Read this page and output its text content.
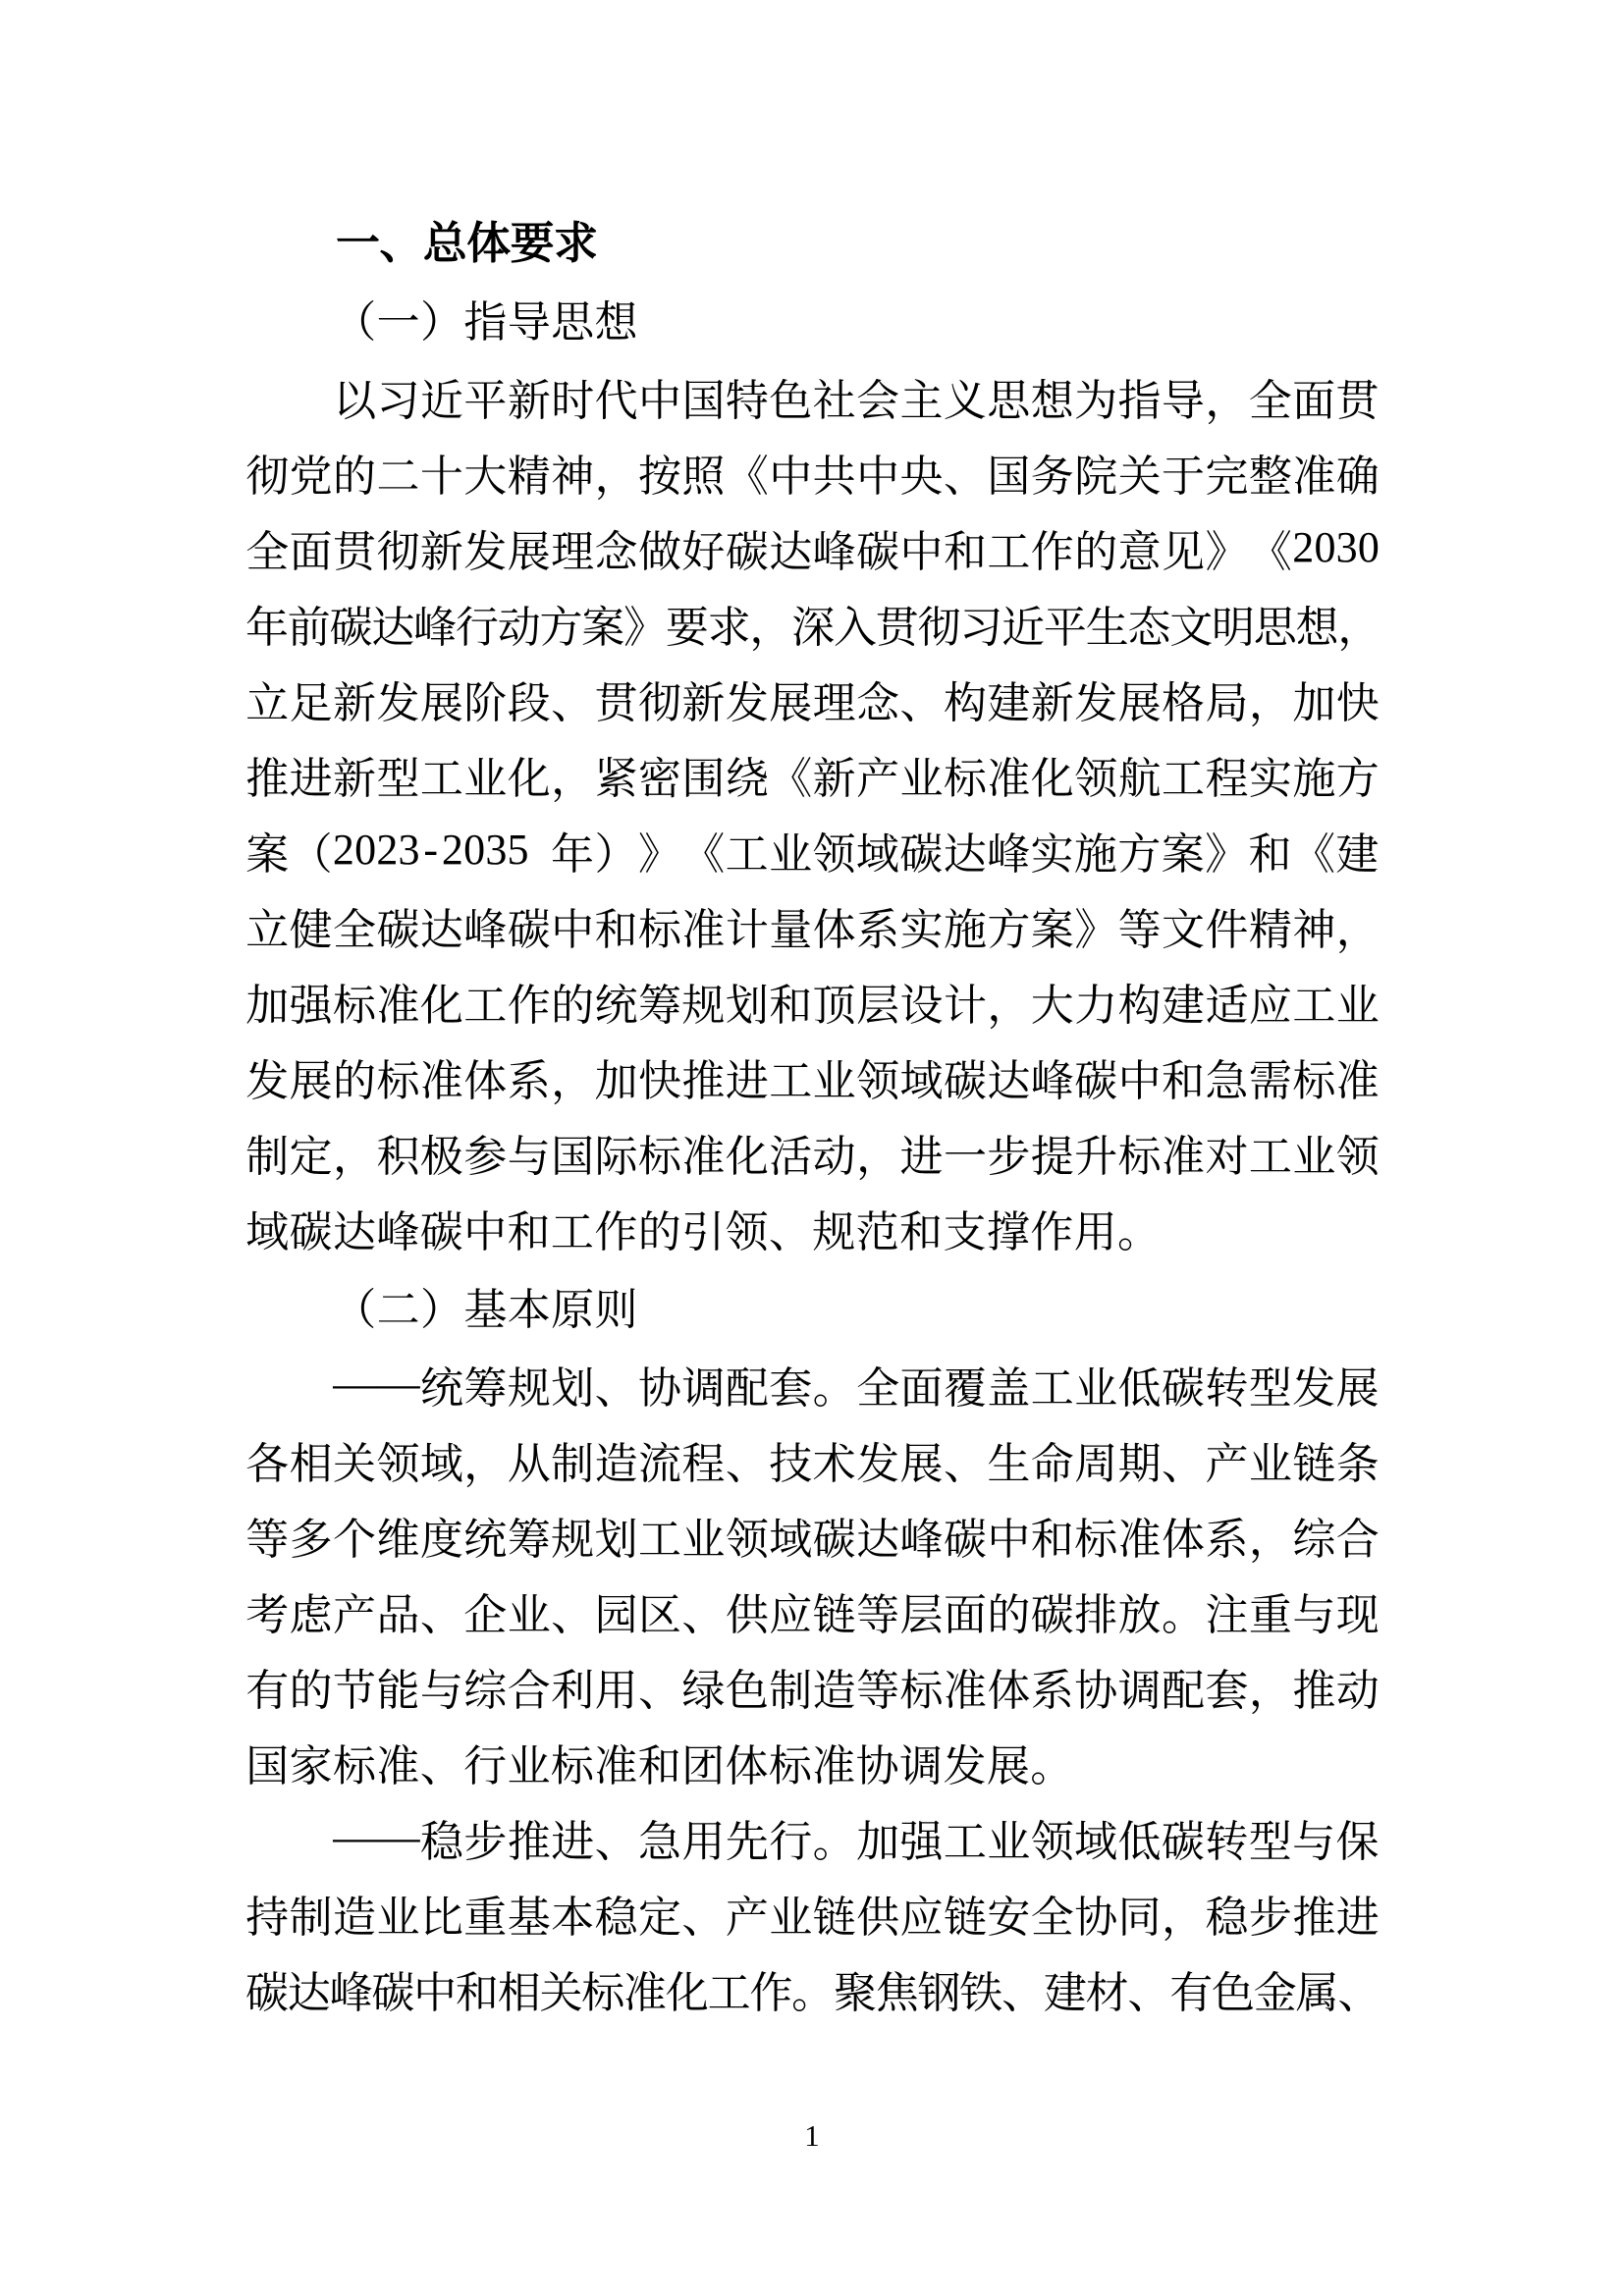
一 、 总 体 要 求
（ 一 ） 指 导 思 想
以 习 近 平 新 时 代 中 国 特 色 社 会 主 义 思 想 为 指 导 ， 全 面 贯
彻 党 的 二 十 大 精 神 ， 按 照 《 中 共 中 央 、 国 务 院 关 于 完 整 准 确
全 面 贯 彻 新 发 展 理 念 做 好 碳 达 峰 碳 中 和 工 作 的 意 见 》 《 2 0 3 0
年
前
碳
达
峰
行
动
方
案
》
要
求
，
深
入
贯
彻
习
近
平
生
态
文
明
思
想
，
立 足 新 发 展 阶 段 、 贯 彻 新 发 展 理 念 、 构 建 新 发 展 格 局 ， 加 快
推 进 新 型 工 业 化 ， 紧 密 围 绕 《 新 产 业 标 准 化 领 航 工 程 实 施 方
案 （ 2 0 2 3 - 2 0 3 5
年 ） 》 《 工 业 领 域 碳 达 峰 实 施 方 案 》 和 《 建
立 健 全 碳 达 峰 碳 中 和 标 准 计 量 体 系 实 施 方 案 》 等 文 件 精 神 ，
加 强 标 准 化 工 作 的 统 筹 规 划 和 顶 层 设 计 ， 大 力 构 建 适 应 工 业
发 展 的 标 准 体 系 ， 加 快 推 进 工 业 领 域 碳 达 峰 碳 中 和 急 需 标 准
制 定 ， 积 极 参 与 国 际 标 准 化 活 动 ， 进 一 步 提 升 标 准 对 工 业 领
域 碳 达 峰 碳 中 和 工 作 的 引 领 、 规 范 和 支 撑 作 用 。
（ 二 ） 基 本 原 则
— — 统 筹 规 划 、 协 调 配 套 。 全 面 覆 盖 工 业 低 碳 转 型 发 展
各 相 关 领 域 ， 从 制 造 流 程 、 技 术 发 展 、 生 命 周 期 、 产 业 链 条
等 多 个 维 度 统 筹 规 划 工 业 领 域 碳 达 峰 碳 中 和 标 准 体 系 ， 综 合
考 虑 产 品 、 企 业 、 园 区 、 供 应 链 等 层 面 的 碳 排 放 。 注 重 与 现
有 的 节 能 与 综 合 利 用 、 绿 色 制 造 等 标 准 体 系 协 调 配 套 ， 推 动
国 家 标 准 、 行 业 标 准 和 团 体 标 准 协 调 发 展 。
— — 稳 步 推 进 、 急 用 先 行 。 加 强 工 业 领 域 低 碳 转 型 与 保
持 制 造 业 比 重 基 本 稳 定 、 产 业 链 供 应 链 安 全 协 同 ， 稳 步 推 进
碳
达
峰
碳
中
和
相
关
标
准
化
工
作
。
聚
焦
钢
铁
、
建
材
、
有
色
金
属
、
1
